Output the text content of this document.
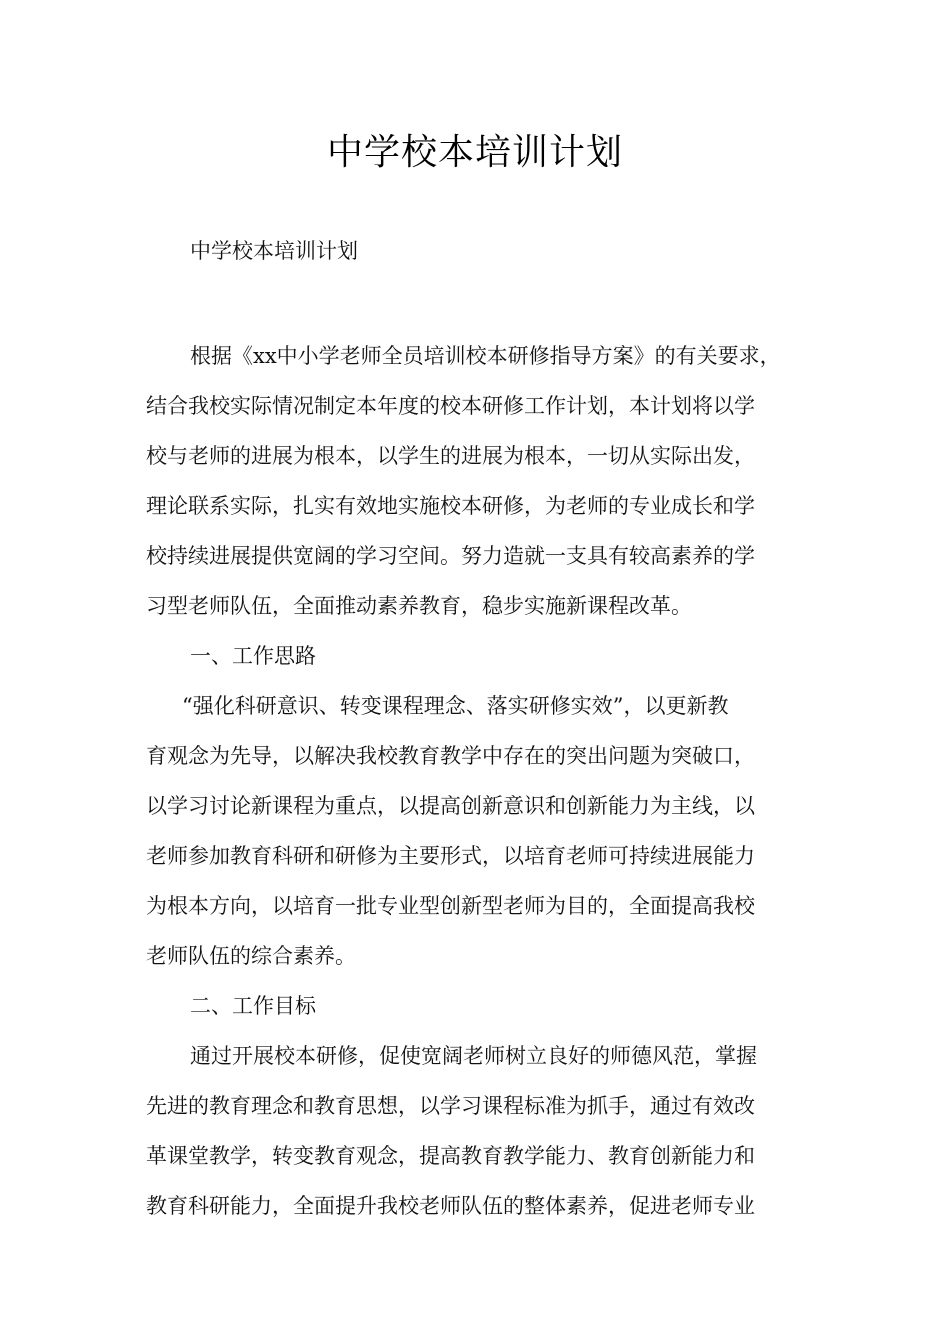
中学校本培训计划
中学校本培训计划
根据《xx中小学老师全员培训校本研修指导方案》的有关要求，
结合我校实际情况制定本年度的校本研修工作计划，本计划将以学
校与老师的进展为根本，以学生的进展为根本，一切从实际出发，
理论联系实际，扎实有效地实施校本研修，为老师的专业成长和学
校持续进展提供宽阔的学习空间。努力造就一支具有较高素养的学
习型老师队伍，全面推动素养教育，稳步实施新课程改革。
一、工作思路
“强化科研意识、转变课程理念、落实研修实效”，以更新教
育观念为先导，以解决我校教育教学中存在的突出问题为突破口，
以学习讨论新课程为重点，以提高创新意识和创新能力为主线，以
老师参加教育科研和研修为主要形式，以培育老师可持续进展能力
为根本方向，以培育一批专业型创新型老师为目的，全面提高我校
老师队伍的综合素养。
二、工作目标
通过开展校本研修，促使宽阔老师树立良好的师德风范，掌握
先进的教育理念和教育思想，以学习课程标准为抓手，通过有效改
革课堂教学，转变教育观念，提高教育教学能力、教育创新能力和
教育科研能力，全面提升我校老师队伍的整体素养，促进老师专业
